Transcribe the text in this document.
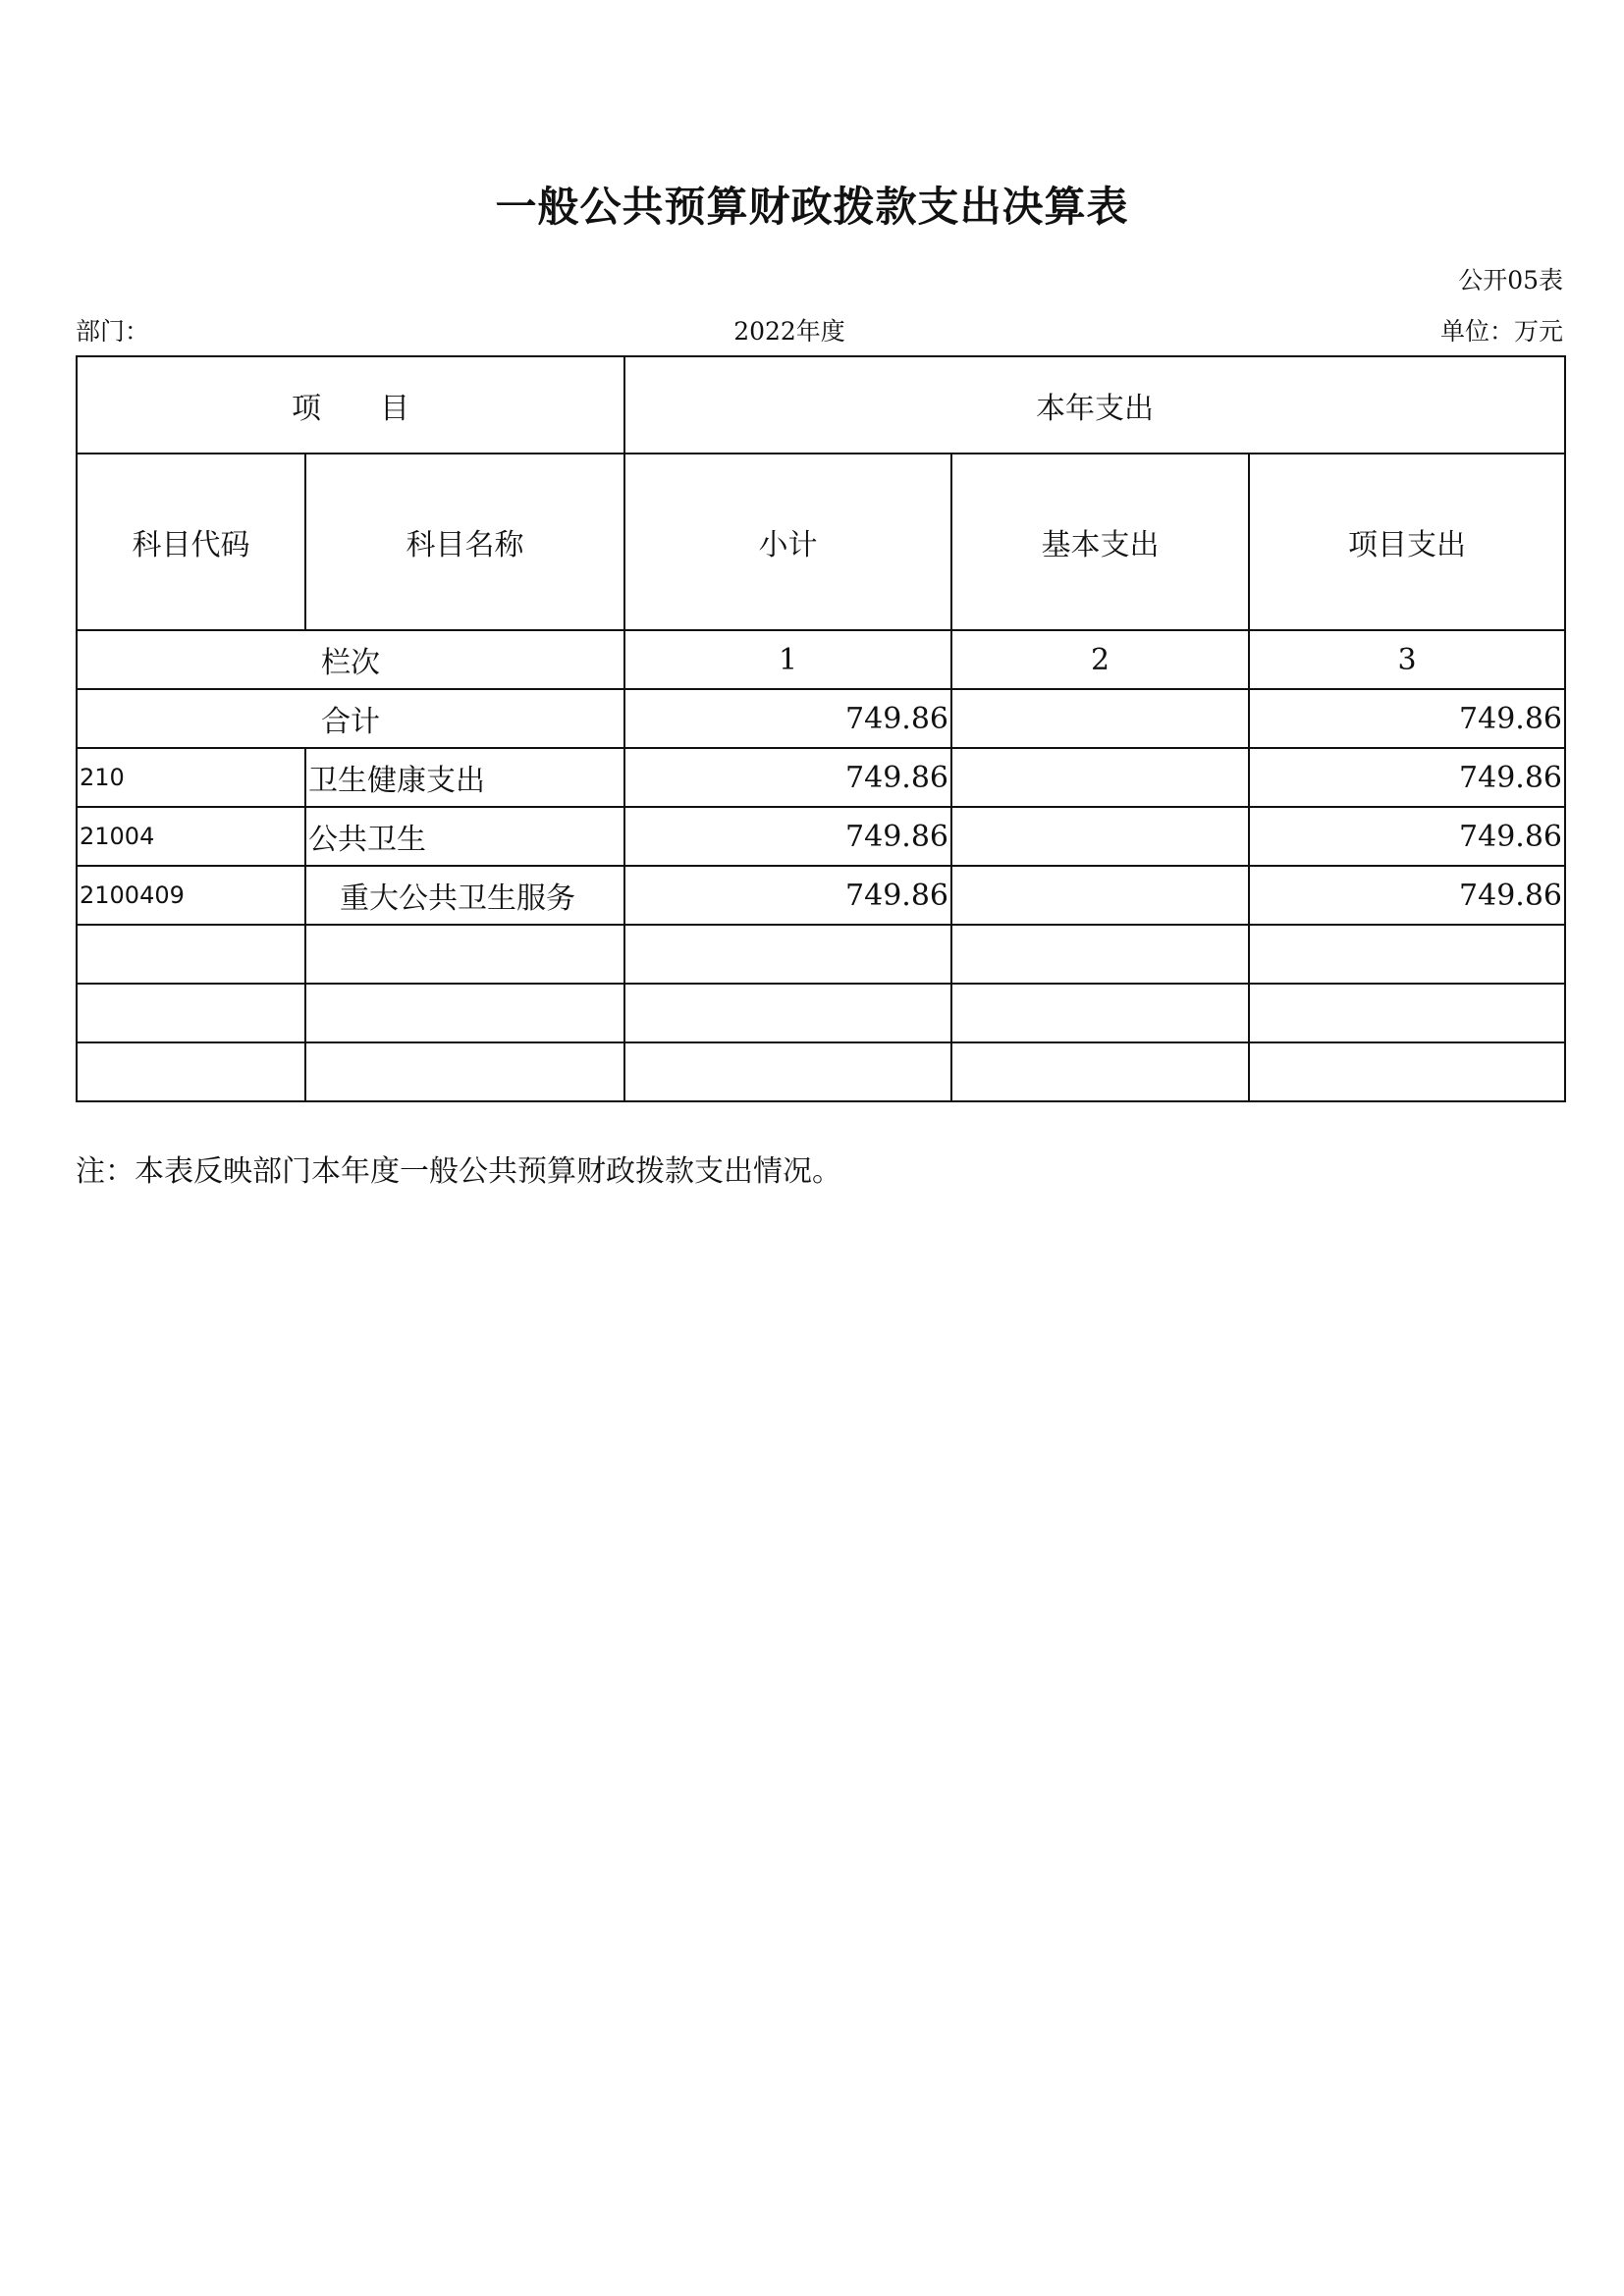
一般公共预算财政拨款支出决算表
公开05表
部门：	2022年度	单位：万元
项　　目		本年支出		
科目代码	科目名称	小计	基本支出	项目支出
栏次		1	2	3
合计		749.86		749.86
210	卫生健康支出	749.86		749.86
21004	公共卫生	749.86		749.86
2100409	重大公共卫生服务	749.86		749.86

注：本表反映部门本年度一般公共预算财政拨款支出情况。
